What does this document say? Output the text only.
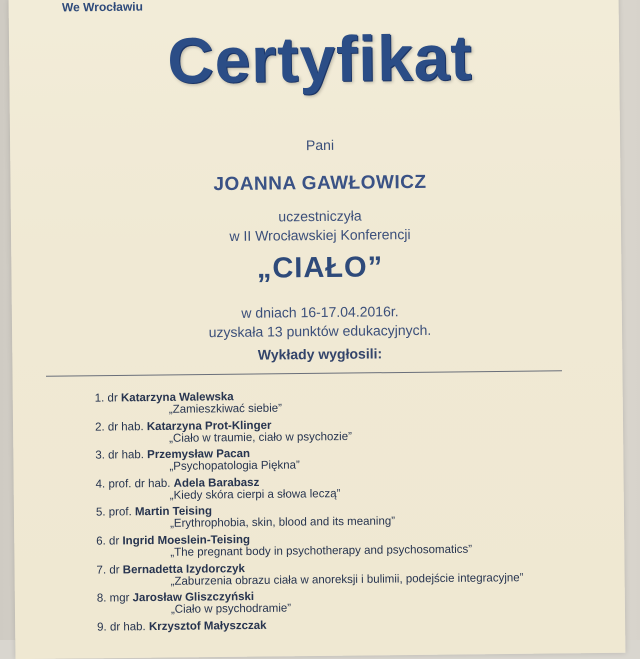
We Wrocławiu
Certyfikat
Pani
JOANNA GAWŁOWICZ
uczestniczyła
w II Wrocławskiej Konferencji
„CIAŁO”
w dniach 16-17.04.2016r.
uzyskała 13 punktów edukacyjnych.
Wykłady wygłosili:
1. dr Katarzyna Walewska
„Zamieszkiwać siebie”
2. dr hab. Katarzyna Prot-Klinger
„Ciało w traumie, ciało w psychozie”
3. dr hab. Przemysław Pacan
„Psychopatologia Piękna”
4. prof. dr hab. Adela Barabasz
„Kiedy skóra cierpi a słowa leczą”
5. prof. Martin Teising
„Erythrophobia, skin, blood and its meaning”
6. dr Ingrid Moeslein-Teising
„The pregnant body in psychotherapy and psychosomatics”
7. dr Bernadetta Izydorczyk
„Zaburzenia obrazu ciała w anoreksji i bulimii, podejście integracyjne”
8. mgr Jarosław Gliszczyński
„Ciało w psychodramie”
9. dr hab. Krzysztof Małyszczak
